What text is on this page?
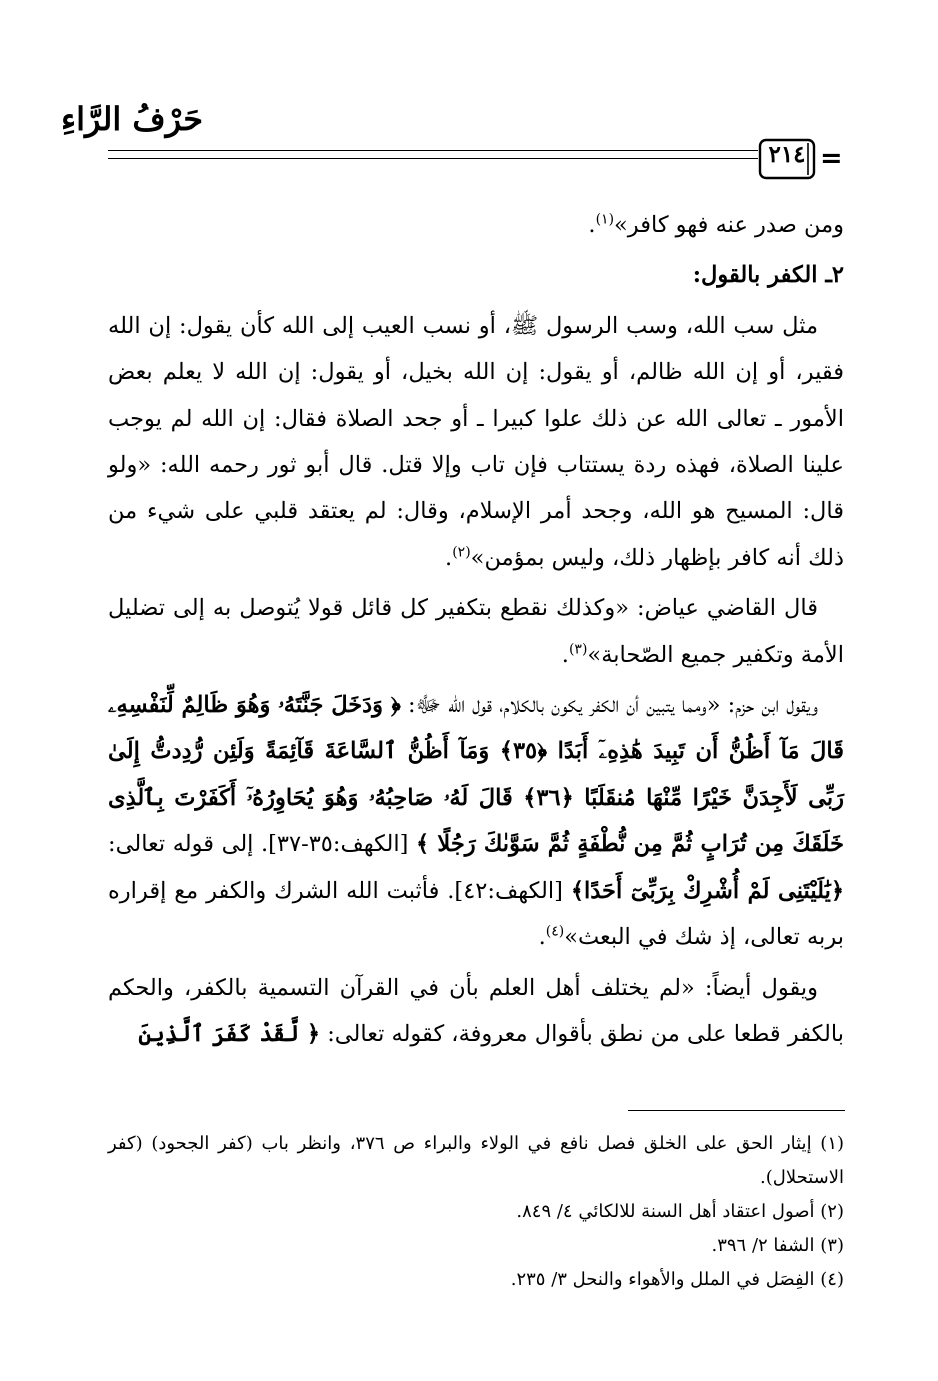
حَرْفُ الرَّاءِ
٢١٤ =

ومن صدر عنه فهو كافر»$^{(١)}$.

٢ـ الكفر بالقول:

مثل سب الله، وسب الرسول ﷺ، أو نسب العيب إلى الله كأن يقول: إن الله فقير، أو إن الله ظالم، أو يقول: إن الله بخيل، أو يقول: إن الله لا يعلم بعض الأمور ـ تعالى الله عن ذلك علوا كبيرا ـ أو جحد الصلاة فقال: إن الله لم يوجب علينا الصلاة، فهذه ردة يستتاب فإن تاب وإلا قتل. قال أبو ثور رحمه الله: «ولو قال: المسيح هو الله، وجحد أمر الإسلام، وقال: لم يعتقد قلبي على شيء من ذلك أنه كافر بإظهار ذلك، وليس بمؤمن»$^{(٢)}$.

قال القاضي عياض: «وكذلك نقطع بتكفير كل قائل قولا يُتوصل به إلى تضليل الأمة وتكفير جميع الصّحابة»$^{(٣)}$.

ويقول ابن حزم: «ومما يتبين أن الكفر يكون بالكلام، قول الله ﷻ: ﴿ وَدَخَلَ جَنَّتَهُۥ وَهُوَ ظَالِمٌ لِّنَفْسِهِۦ قَالَ مَآ أَظُنُّ أَن تَبِيدَ هَٰذِهِۦٓ أَبَدًا ﴿٣٥﴾ وَمَآ أَظُنُّ ٱلسَّاعَةَ قَآئِمَةً وَلَئِن رُّدِدتُّ إِلَىٰ رَبِّى لَأَجِدَنَّ خَيْرًا مِّنْهَا مُنقَلَبًا ﴿٣٦﴾ قَالَ لَهُۥ صَاحِبُهُۥ وَهُوَ يُحَاوِرُهُۥٓ أَكَفَرْتَ بِٱلَّذِى خَلَقَكَ مِن تُرَابٍ ثُمَّ مِن نُّطْفَةٍ ثُمَّ سَوَّىٰكَ رَجُلًا ﴾ [الكهف:٣٥-٣٧]. إلى قوله تعالى: ﴿يَٰلَيْتَنِى لَمْ أُشْرِكْ بِرَبِّىٓ أَحَدًا﴾ [الكهف:٤٢]. فأثبت الله الشرك والكفر مع إقراره بربه تعالى، إذ شك في البعث»$^{(٤)}$.

ويقول أيضاً: «لم يختلف أهل العلم بأن في القرآن التسمية بالكفر، والحكم بالكفر قطعا على من نطق بأقوال معروفة، كقوله تعالى: ﴿ لَّقَدْ كَفَرَ ٱلَّذِينَ

(١) إيثار الحق على الخلق فصل نافع في الولاء والبراء ص ٣٧٦، وانظر باب (كفر الجحود) (كفر الاستحلال).

(٢) أصول اعتقاد أهل السنة للالكائي ٤/ ٨٤٩.

(٣) الشفا ٢/ ٣٩٦.

(٤) الفِصَل في الملل والأهواء والنحل ٣/ ٢٣٥.
